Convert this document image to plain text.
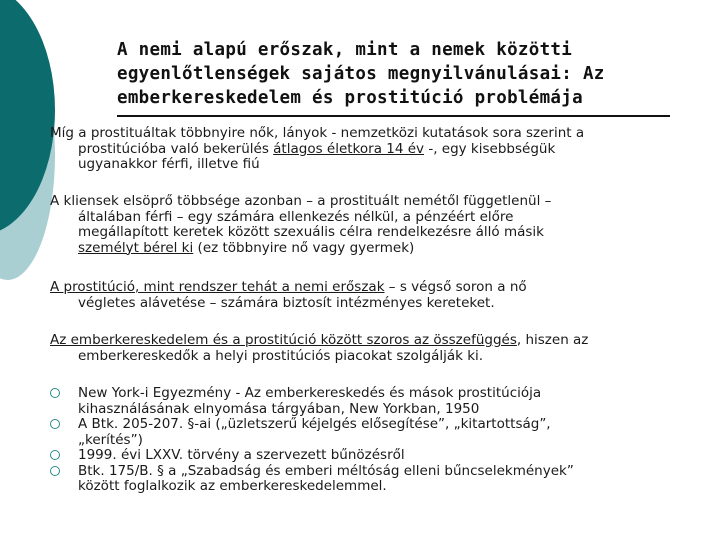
A nemi alapú erőszak, mint a nemek közötti
egyenlőtlenségek sajátos megnyilvánulásai: Az
emberkereskedelem és prostitúció problémája
Míg a prostituáltak többnyire nők, lányok - nemzetközi kutatások sora szerint a
prostitúcióba való bekerülés átlagos életkora 14 év -, egy kisebbségük
ugyanakkor férfi, illetve fiú
A kliensek elsöprő többsége azonban – a prostituált nemétől függetlenül –
általában férfi – egy számára ellenkezés nélkül, a pénzéért előre
megállapított keretek között szexuális célra rendelkezésre álló másik
személyt bérel ki (ez többnyire nő vagy gyermek)
A prostitúció, mint rendszer tehát a nemi erőszak – s végső soron a nő
végletes alávetése – számára biztosít intézményes kereteket.
Az emberkereskedelem és a prostitúció között szoros az összefüggés, hiszen az
emberkereskedők a helyi prostitúciós piacokat szolgálják ki.
New York-i Egyezmény - Az emberkereskedés és mások prostitúciója
kihasználásának elnyomása tárgyában, New Yorkban, 1950
A Btk. 205-207. §-ai („üzletszerű kéjelgés elősegítése”, „kitartottság”,
„kerítés”)
1999. évi LXXV. törvény a szervezett bűnözésről
Btk. 175/B. § a „Szabadság és emberi méltóság elleni bűncselekmények”
között foglalkozik az emberkereskedelemmel.
